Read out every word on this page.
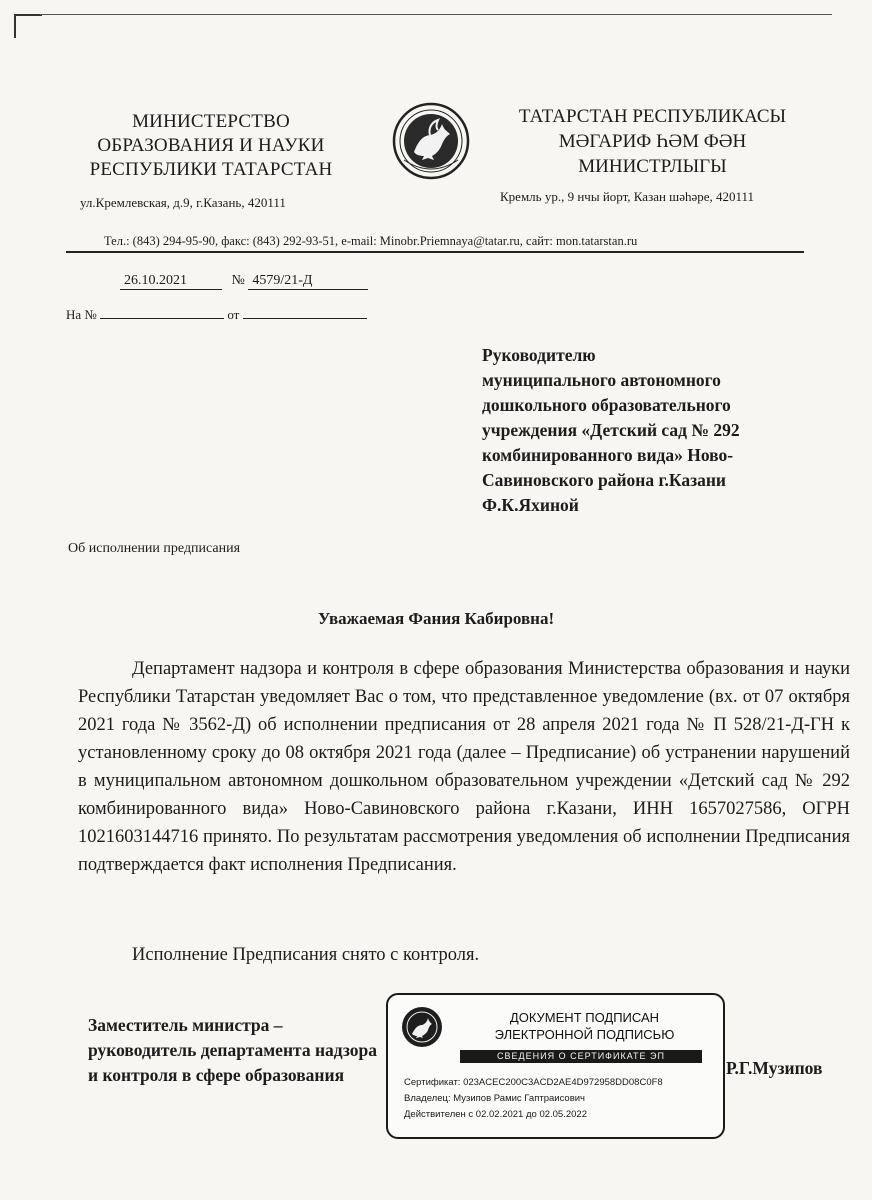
МИНИСТЕРСТВО
ОБРАЗОВАНИЯ И НАУКИ
РЕСПУБЛИКИ ТАТАРСТАН
ТАТАРСТАН РЕСПУБЛИКАСЫ
МӘГАРИФ ҺӘМ ФӘН
МИНИСТРЛЫГЫ
ул.Кремлевская, д.9, г.Казань, 420111	Кремль ур., 9 нчы йорт, Казан шәһәре, 420111
Тел.: (843) 294-95-90, факс: (843) 292-93-51, e-mail: Minobr.Priemnaya@tatar.ru, сайт: mon.tatarstan.ru
26.10.2021	№ 4579/21-Д
На №	от
Руководителю
муниципального автономного
дошкольного образовательного
учреждения «Детский сад № 292
комбинированного вида» Ново-
Савиновского района г.Казани
Ф.К.Яхиной
Об исполнении предписания
Уважаемая Фания Кабировна!

Департамент надзора и контроля в сфере образования Министерства образования и науки Республики Татарстан уведомляет Вас о том, что представленное уведомление (вх. от 07 октября 2021 года № 3562-Д) об исполнении предписания от 28 апреля 2021 года № П 528/21-Д-ГН к установленному сроку до 08 октября 2021 года (далее – Предписание) об устранении нарушений в муниципальном автономном дошкольном образовательном учреждении «Детский сад № 292 комбинированного вида» Ново-Савиновского района г.Казани, ИНН 1657027586, ОГРН 1021603144716 принято. По результатам рассмотрения уведомления об исполнении Предписания подтверждается факт исполнения Предписания.

Исполнение Предписания снято с контроля.

Заместитель министра –
руководитель департамента надзора
и контроля в сфере образования
ДОКУМЕНТ ПОДПИСАН
ЭЛЕКТРОННОЙ ПОДПИСЬЮ
СВЕДЕНИЯ О СЕРТИФИКАТЕ ЭП
Сертификат: 023ACEC200C3ACD2AE4D972958DD08C0F8
Владелец: Музипов Рамис Гаптраисович
Действителен с 02.02.2021 до 02.05.2022
Р.Г.Музипов
